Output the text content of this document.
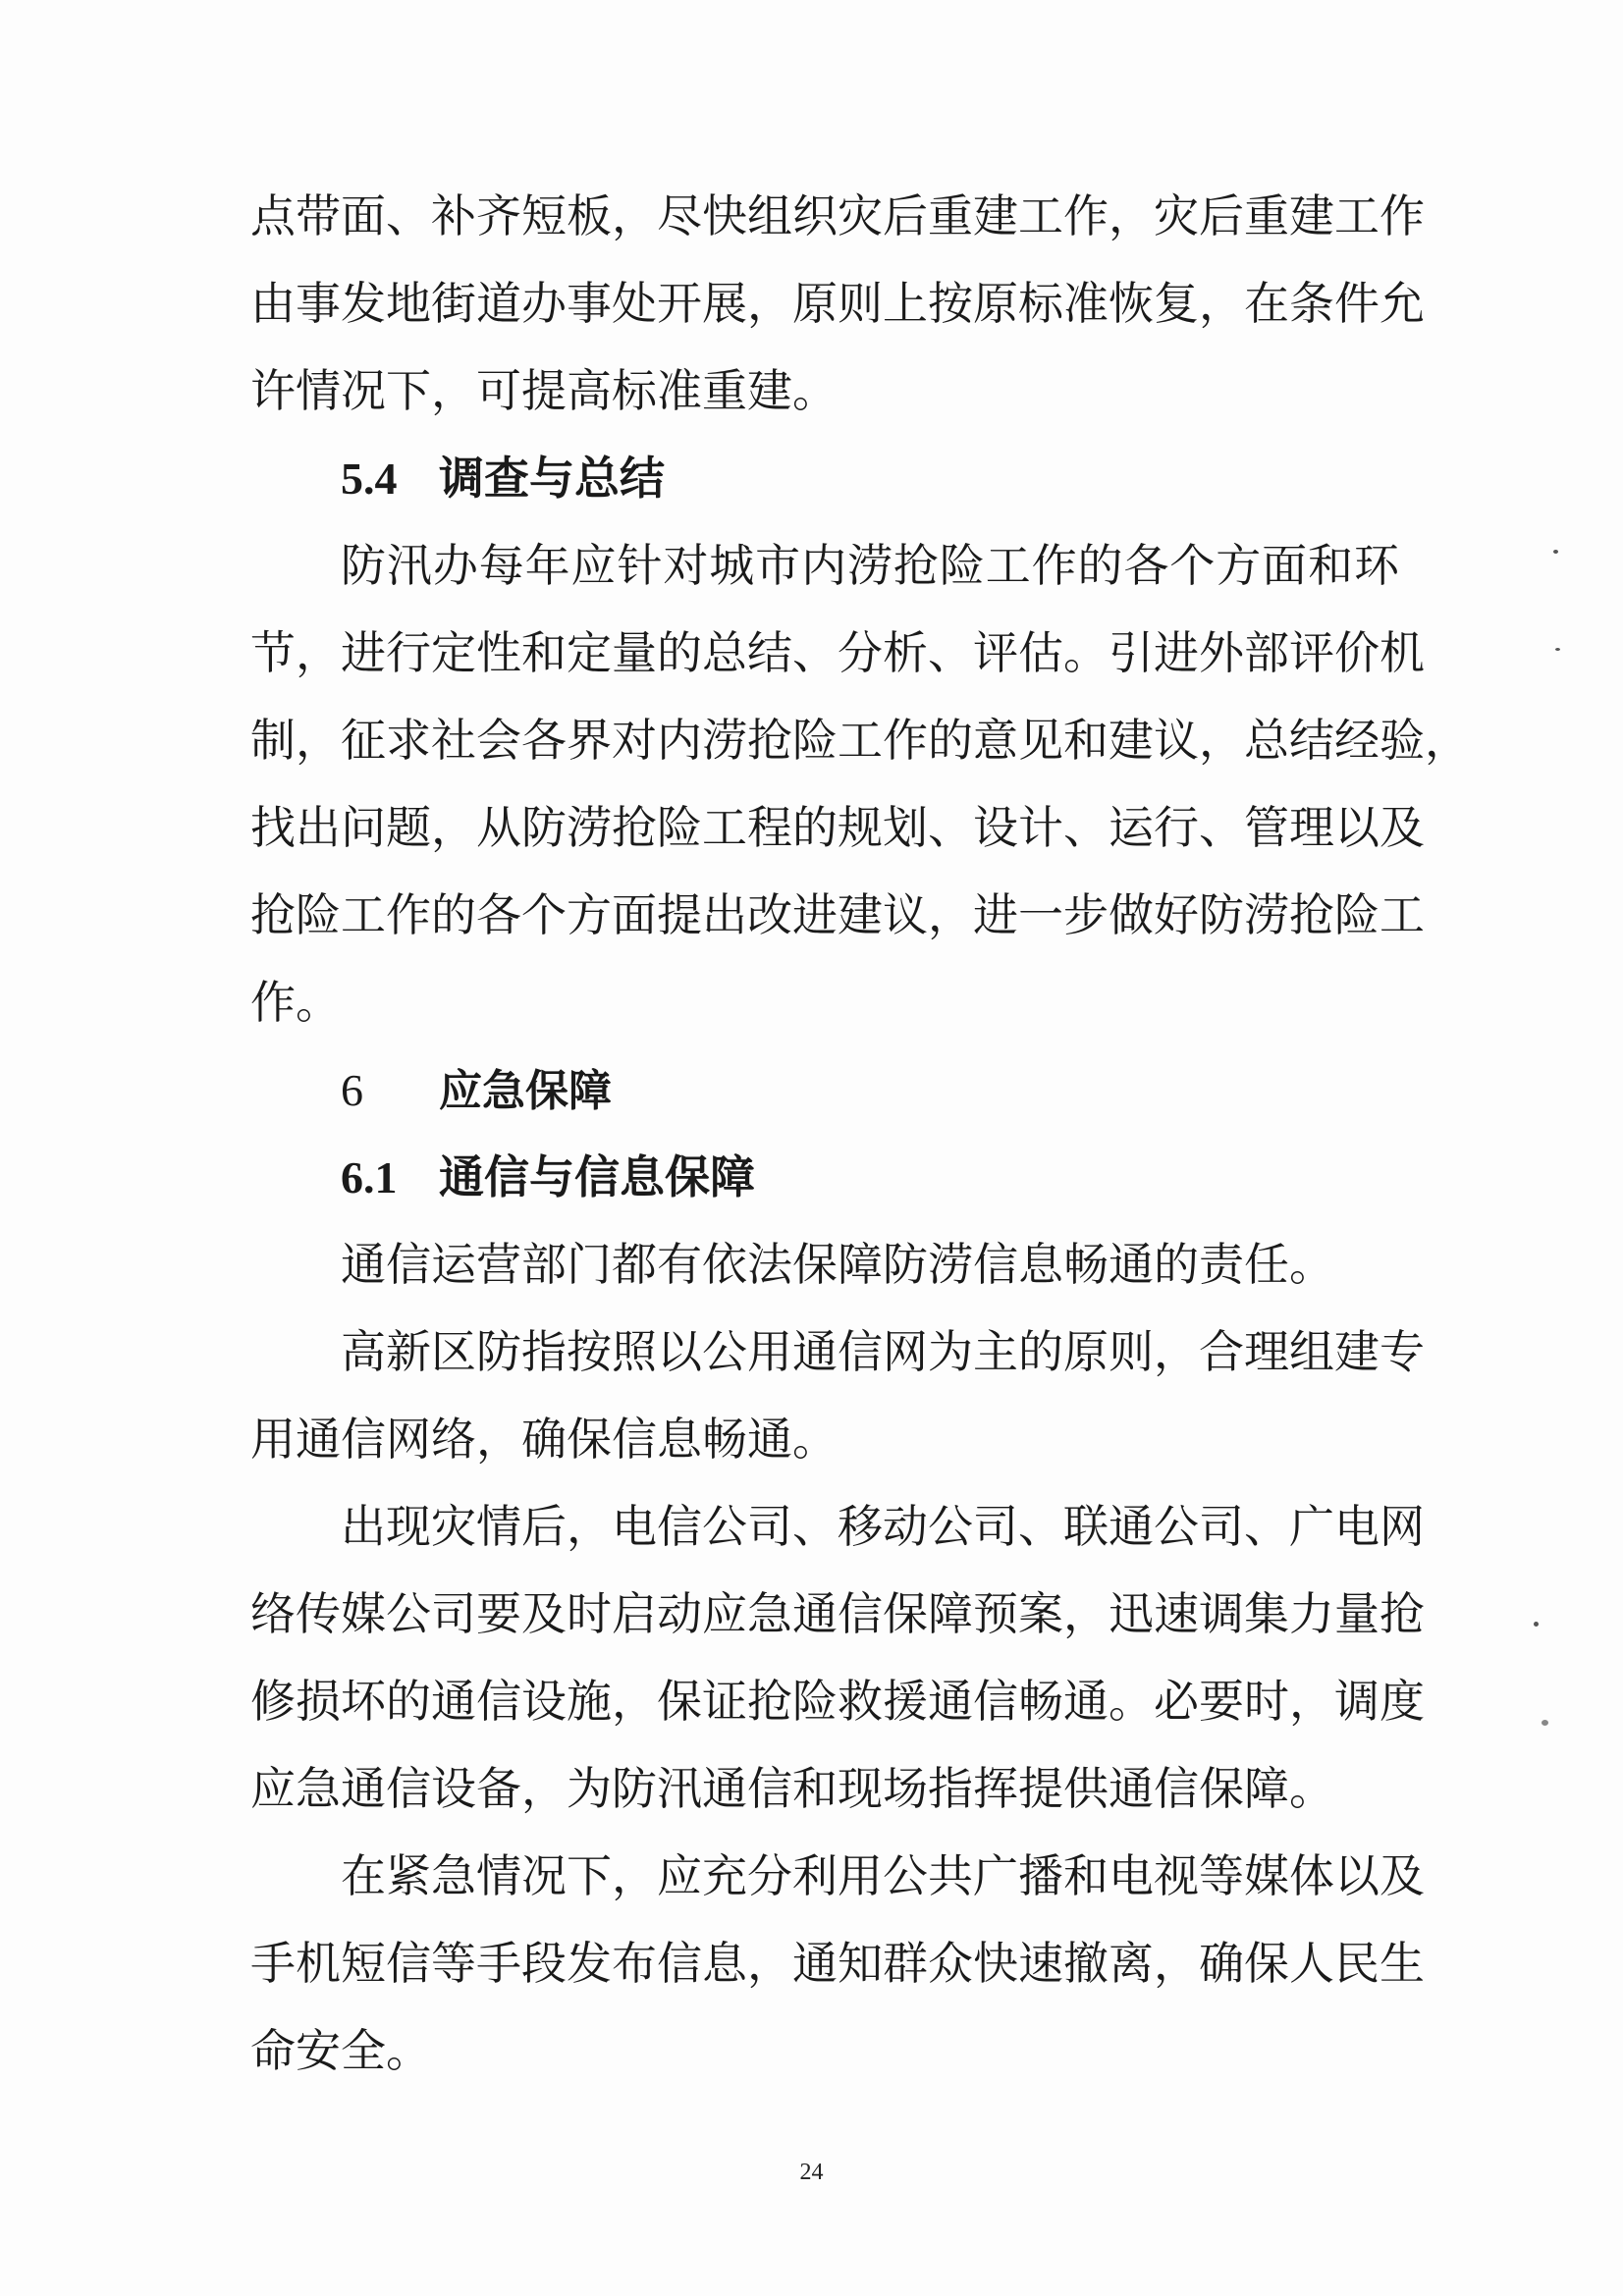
点带面、补齐短板，尽快组织灾后重建工作，灾后重建工作
由事发地街道办事处开展，原则上按原标准恢复，在条件允
许情况下，可提高标准重建。
5.4 调查与总结
防汛办每年应针对城市内涝抢险工作的各个方面和环
节，进行定性和定量的总结、分析、评估。引进外部评价机
制，征求社会各界对内涝抢险工作的意见和建议，总结经验，
找出问题，从防涝抢险工程的规划、设计、运行、管理以及
抢险工作的各个方面提出改进建议，进一步做好防涝抢险工
作。
6 应急保障
6.1 通信与信息保障
通信运营部门都有依法保障防涝信息畅通的责任。
高新区防指按照以公用通信网为主的原则，合理组建专
用通信网络，确保信息畅通。
出现灾情后，电信公司、移动公司、联通公司、广电网
络传媒公司要及时启动应急通信保障预案，迅速调集力量抢
修损坏的通信设施，保证抢险救援通信畅通。必要时，调度
应急通信设备，为防汛通信和现场指挥提供通信保障。
在紧急情况下，应充分利用公共广播和电视等媒体以及
手机短信等手段发布信息，通知群众快速撤离，确保人民生
命安全。
24
